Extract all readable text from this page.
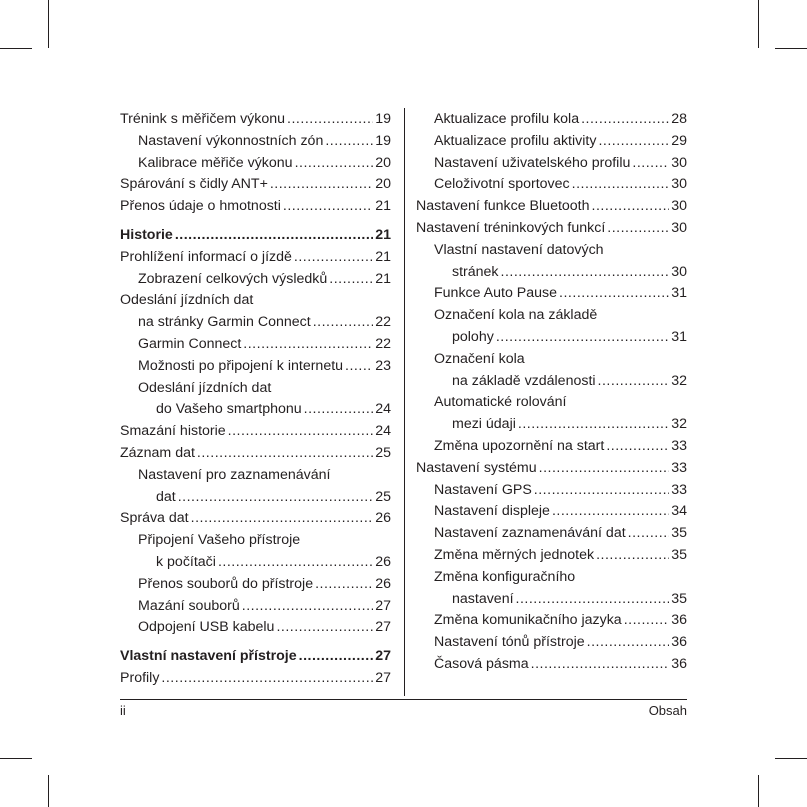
Trénink s měřičem výkonu .....	19
Nastavení výkonnostních zón .....	19
Kalibrace měřiče výkonu .....	20
Spárování s čidly ANT+ .....	20
Přenos údaje o hmotnosti .....	21
Historie .....	21
Prohlížení informací o jízdě .....	21
Zobrazení celkových výsledků .....	21
Odeslání jízdních dat
na stránky Garmin Connect .....	22
Garmin Connect .....	22
Možnosti po připojení k internetu ..... 23
Odeslání jízdních dat
do Vašeho smartphonu .....	24
Smazání historie .....	24
Záznam dat .....	25
Nastavení pro zaznamenávání
dat .....	25
Správa dat .....	26
Připojení Vašeho přístroje
k počítači .....	26
Přenos souborů do přístroje .....	26
Mazání souborů .....	27
Odpojení USB kabelu .....	27
Vlastní nastavení přístroje .....	27
Profily .....	27
Aktualizace profilu kola .....	28
Aktualizace profilu aktivity .....	29
Nastavení uživatelského profilu .....	30
Celoživotní sportovec .....	30
Nastavení funkce Bluetooth .....	30
Nastavení tréninkových funkcí .....	30
Vlastní nastavení datových
stránek .....	30
Funkce Auto Pause .....	31
Označení kola na základě
polohy .....	31
Označení kola
na základě vzdálenosti .....	32
Automatické rolování
mezi údaji .....	32
Změna upozornění na start .....	33
Nastavení systému .....	33
Nastavení GPS .....	33
Nastavení displeje .....	34
Nastavení zaznamenávání dat .....	35
Změna měrných jednotek .....	35
Změna konfiguračního
nastavení .....	35
Změna komunikačního jazyka .....	36
Nastavení tónů přístroje .....	36
Časová pásma .....	36
ii	Obsah
